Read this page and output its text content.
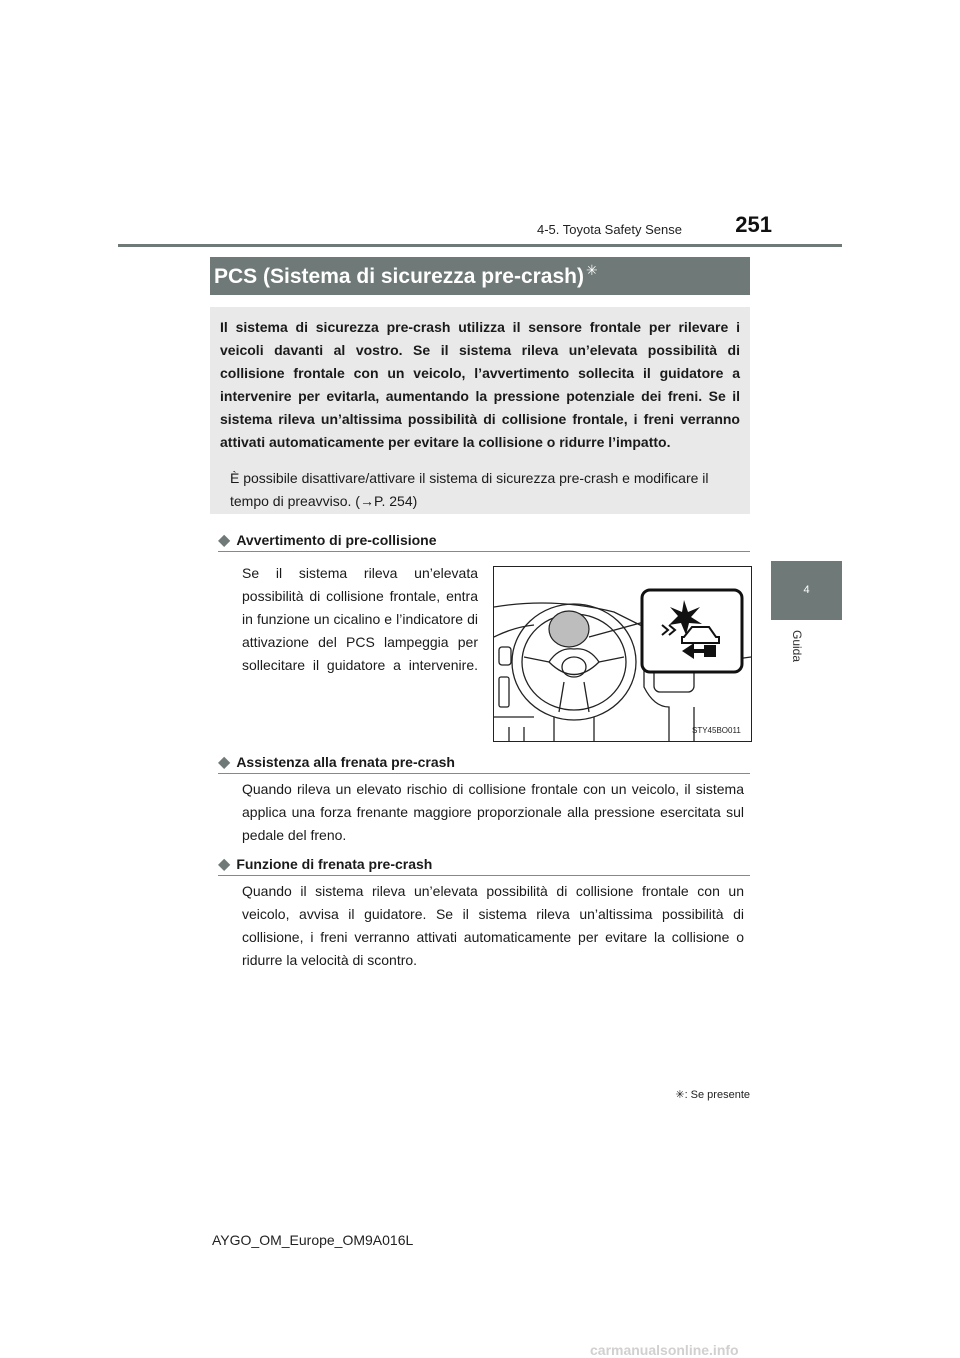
4-5. Toyota Safety Sense	251
4
Guida
PCS (Sistema di sicurezza pre-crash) ✳
Il sistema di sicurezza pre-crash utilizza il sensore frontale per rilevare i veicoli davanti al vostro. Se il sistema rileva un’elevata possibilità di collisione frontale con un veicolo, l’avvertimento sollecita il guidatore a intervenire per evitarla, aumentando la pressione potenziale dei freni. Se il sistema rileva un’altissima possibilità di collisione frontale, i freni verranno attivati automaticamente per evitare la collisione o ridurre l’impatto.
È possibile disattivare/attivare il sistema di sicurezza pre-crash e modificare il tempo di preavviso. (→P. 254)
◆ Avvertimento di pre-collisione
Se il sistema rileva un’elevata possibilità di collisione frontale, entra in funzione un cicalino e l’indicatore di attivazione del PCS lampeggia per sollecitare il guidatore a intervenire.
STY45BO011
◆ Assistenza alla frenata pre-crash
Quando rileva un elevato rischio di collisione frontale con un veicolo, il sistema applica una forza frenante maggiore proporzionale alla pressione esercitata sul pedale del freno.
◆ Funzione di frenata pre-crash
Quando il sistema rileva un’elevata possibilità di collisione frontale con un veicolo, avvisa il guidatore. Se il sistema rileva un’altissima possibilità di collisione, i freni verranno attivati automaticamente per evitare la collisione o ridurre la velocità di scontro.
✳: Se presente
AYGO_OM_Europe_OM9A016L
carmanualsonline.info
